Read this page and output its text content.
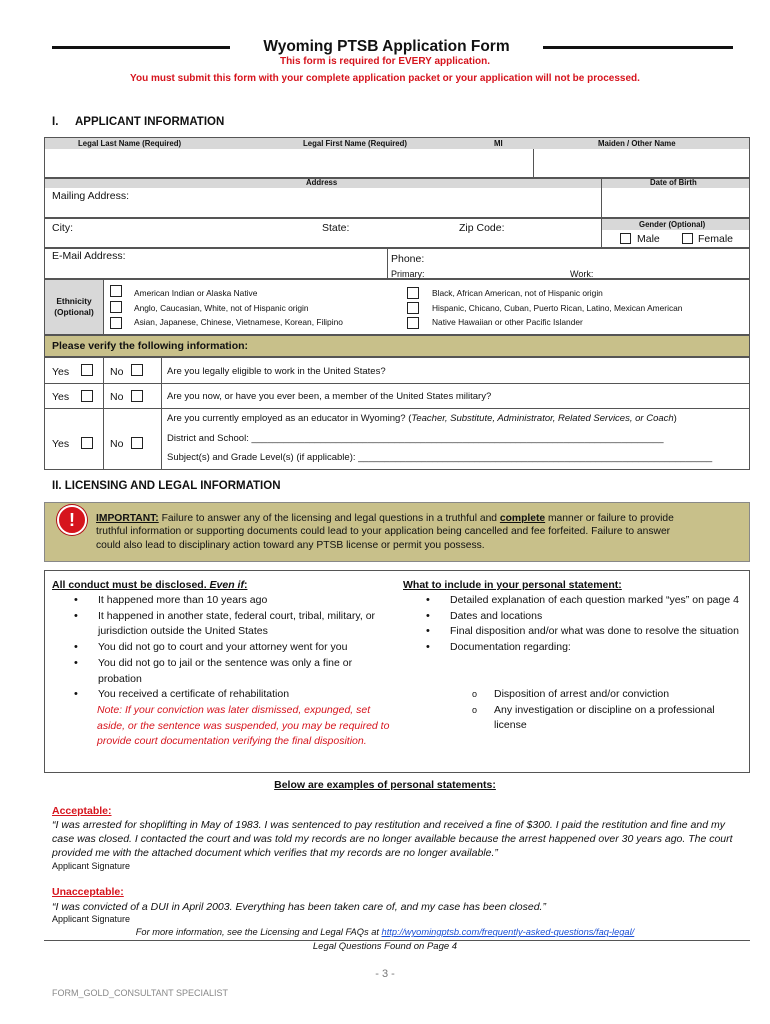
Wyoming PTSB Application Form
This form is required for EVERY application.
You must submit this form with your complete application packet or your application will not be processed.
I. APPLICANT INFORMATION
Legal Last Name (Required)	Legal First Name (Required)	MI	Maiden / Other Name
Address	Date of Birth
Mailing Address:
City:	State:	Zip Code:	Gender (Optional)
Male	Female
E-Mail Address:	Phone:
Primary:	Work:
Ethnicity (Optional)
American Indian or Alaska Native
Anglo, Caucasian, White, not of Hispanic origin
Asian, Japanese, Chinese, Vietnamese, Korean, Filipino
Black, African American, not of Hispanic origin
Hispanic, Chicano, Cuban, Puerto Rican, Latino, Mexican American
Native Hawaiian or other Pacific Islander
Please verify the following information:
Yes	No	Are you legally eligible to work in the United States?
Yes	No	Are you now, or have you ever been, a member of the United States military?
Yes	No
Are you currently employed as an educator in Wyoming? (Teacher, Substitute, Administrator, Related Services, or Coach)
District and School: ______________________________________________________________________________
Subject(s) and Grade Level(s) (if applicable): ___________________________________________________________________
II. LICENSING AND LEGAL INFORMATION
!	IMPORTANT: Failure to answer any of the licensing and legal questions in a truthful and complete manner or failure to provide
truthful information or supporting documents could lead to your application being cancelled and fee forfeited. Failure to answer
could also lead to disciplinary action toward any PTSB license or permit you possess.
All conduct must be disclosed. Even if:
• It happened more than 10 years ago
• It happened in another state, federal court, tribal, military, or jurisdiction outside the United States
• You did not go to court and your attorney went for you
• You did not go to jail or the sentence was only a fine or probation
• You received a certificate of rehabilitation
Note: If your conviction was later dismissed, expunged, set aside, or the sentence was suspended, you may be required to provide court documentation verifying the final disposition.
What to include in your personal statement:
• Detailed explanation of each question marked “yes” on page 4
• Dates and locations
• Final disposition and/or what was done to resolve the situation
• Documentation regarding:
o Disposition of arrest and/or conviction
o Any investigation or discipline on a professional license
Below are examples of personal statements:
Acceptable:
“I was arrested for shoplifting in May of 1983. I was sentenced to pay restitution and received a fine of $300. I paid the restitution and fine and my case was closed. I contacted the court and was told my records are no longer available because the arrest happened over 30 years ago. The court provided me with the attached document which verifies that my records are no longer available.”
Applicant Signature
Unacceptable:
“I was convicted of a DUI in April 2003. Everything has been taken care of, and my case has been closed.”
Applicant Signature
For more information, see the Licensing and Legal FAQs at http://wyomingptsb.com/frequently-asked-questions/faq-legal/
Legal Questions Found on Page 4
- 3 -
FORM_GOLD_CONSULTANT SPECIALIST
